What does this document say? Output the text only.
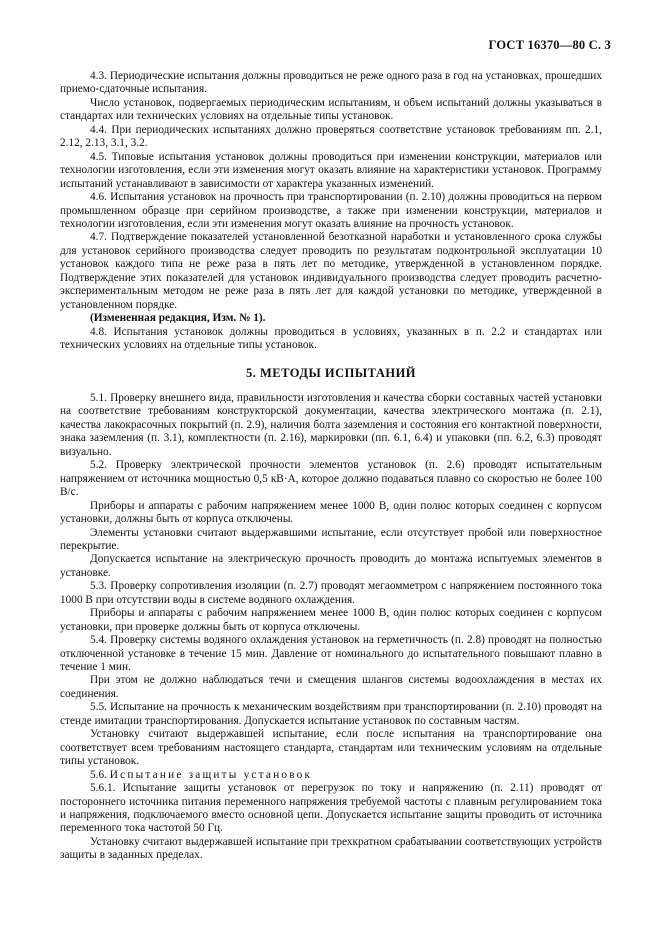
ГОСТ 16370—80 С. 3

4.3. Периодические испытания должны проводиться не реже одного раза в год на установках, прошедших приемо-сдаточные испытания.

Число установок, подвергаемых периодическим испытаниям, и объем испытаний должны указываться в стандартах или технических условиях на отдельные типы установок.

4.4. При периодических испытаниях должно проверяться соответствие установок требованиям пп. 2.1, 2.12, 2.13, 3.1, 3.2.

4.5. Типовые испытания установок должны проводиться при изменении конструкции, материалов или технологии изготовления, если эти изменения могут оказать влияние на характеристики установок. Программу испытаний устанавливают в зависимости от характера указанных изменений.

4.6. Испытания установок на прочность при транспортировании (п. 2.10) должны проводиться на первом промышленном образце при серийном производстве, а также при изменении конструкции, материалов и технологии изготовления, если эти изменения могут оказать влияние на прочность установок.

4.7. Подтверждение показателей установленной безотказной наработки и установленного срока службы для установок серийного производства следует проводить по результатам подконтрольной эксплуатации 10 установок каждого типа не реже раза в пять лет по методике, утвержденной в установленном порядке. Подтверждение этих показателей для установок индивидуального производства следует проводить расчетно-экспериментальным методом не реже раза в пять лет для каждой установки по методике, утвержденной в установленном порядке.

(Измененная редакция, Изм. № 1).

4.8. Испытания установок должны проводиться в условиях, указанных в п. 2.2 и стандартах или технических условиях на отдельные типы установок.

5. МЕТОДЫ ИСПЫТАНИЙ

5.1. Проверку внешнего вида, правильности изготовления и качества сборки составных частей установки на соответствие требованиям конструкторской документации, качества электрического монтажа (п. 2.1), качества лакокрасочных покрытий (п. 2.9), наличия болта заземления и состояния его контактной поверхности, знака заземления (п. 3.1), комплектности (п. 2.16), маркировки (пп. 6.1, 6.4) и упаковки (пп. 6.2, 6.3) проводят визуально.

5.2. Проверку электрической прочности элементов установок (п. 2.6) проводят испытательным напряжением от источника мощностью 0,5 кВ·А, которое должно подаваться плавно со скоростью не более 100 В/с.

Приборы и аппараты с рабочим напряжением менее 1000 В, один полюс которых соединен с корпусом установки, должны быть от корпуса отключены.

Элементы установки считают выдержавшими испытание, если отсутствует пробой или поверхностное перекрытие.

Допускается испытание на электрическую прочность проводить до монтажа испытуемых элементов в установке.

5.3. Проверку сопротивления изоляции (п. 2.7) проводят мегаомметром с напряжением постоянного тока 1000 В при отсутствии воды в системе водяного охлаждения.

Приборы и аппараты с рабочим напряжением менее 1000 В, один полюс которых соединен с корпусом установки, при проверке должны быть от корпуса отключены.

5.4. Проверку системы водяного охлаждения установок на герметичность (п. 2.8) проводят на полностью отключенной установке в течение 15 мин. Давление от номинального до испытательного повышают плавно в течение 1 мин.

При этом не должно наблюдаться течи и смещения шлангов системы водоохлаждения в местах их соединения.

5.5. Испытание на прочность к механическим воздействиям при транспортировании (п. 2.10) проводят на стенде имитации транспортирования. Допускается испытание установок по составным частям.

Установку считают выдержавшей испытание, если после испытания на транспортирование она соответствует всем требованиям настоящего стандарта, стандартам или техническим условиям на отдельные типы установок.

5.6. Испытание защиты установок

5.6.1. Испытание защиты установок от перегрузок по току и напряжению (п. 2.11) проводят от постороннего источника питания переменного напряжения требуемой частоты с плавным регулированием тока и напряжения, подключаемого вместо основной цепи. Допускается испытание защиты проводить от источника переменного тока частотой 50 Гц.

Установку считают выдержавшей испытание при трехкратном срабатывании соответствующих устройств защиты в заданных пределах.
